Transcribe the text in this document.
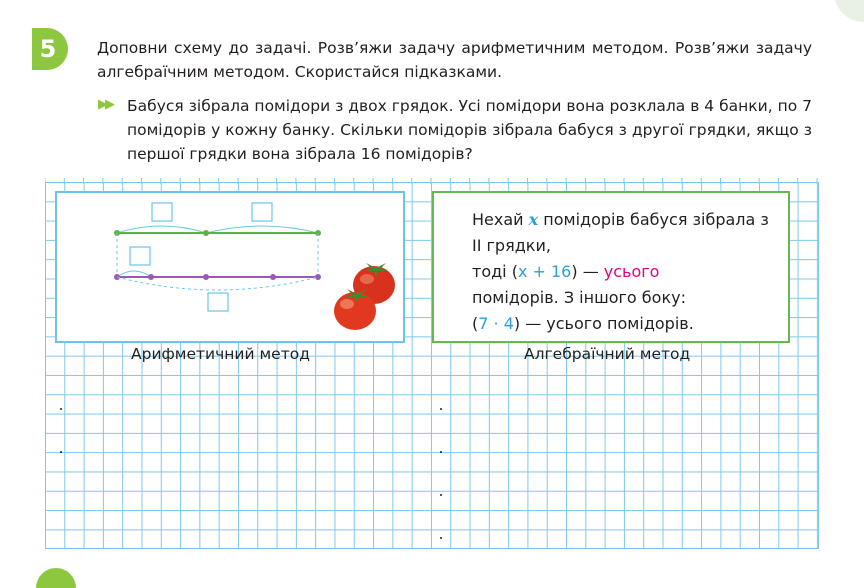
5	Доповни схему до задачі. Розв’яжи задачу арифметичним методом. Розв’яжи задачу алгебраїчним методом. Скористайся підказками.
▶▶ Бабуся зібрала помідори з двох грядок. Усі помідори вона розклала в 4 банки, по 7 помідорів у кожну банку. Скільки помідорів зібрала бабуся з другої грядки, якщо з першої грядки вона зібрала 16 помідорів?
Нехай x помідорів бабуся зібрала з ІІ грядки,
тоді (x + 16) — усього
помідорів. З іншого боку:
(7 · 4) — усього помідорів.
Арифметичний метод	Алгебраїчний метод
